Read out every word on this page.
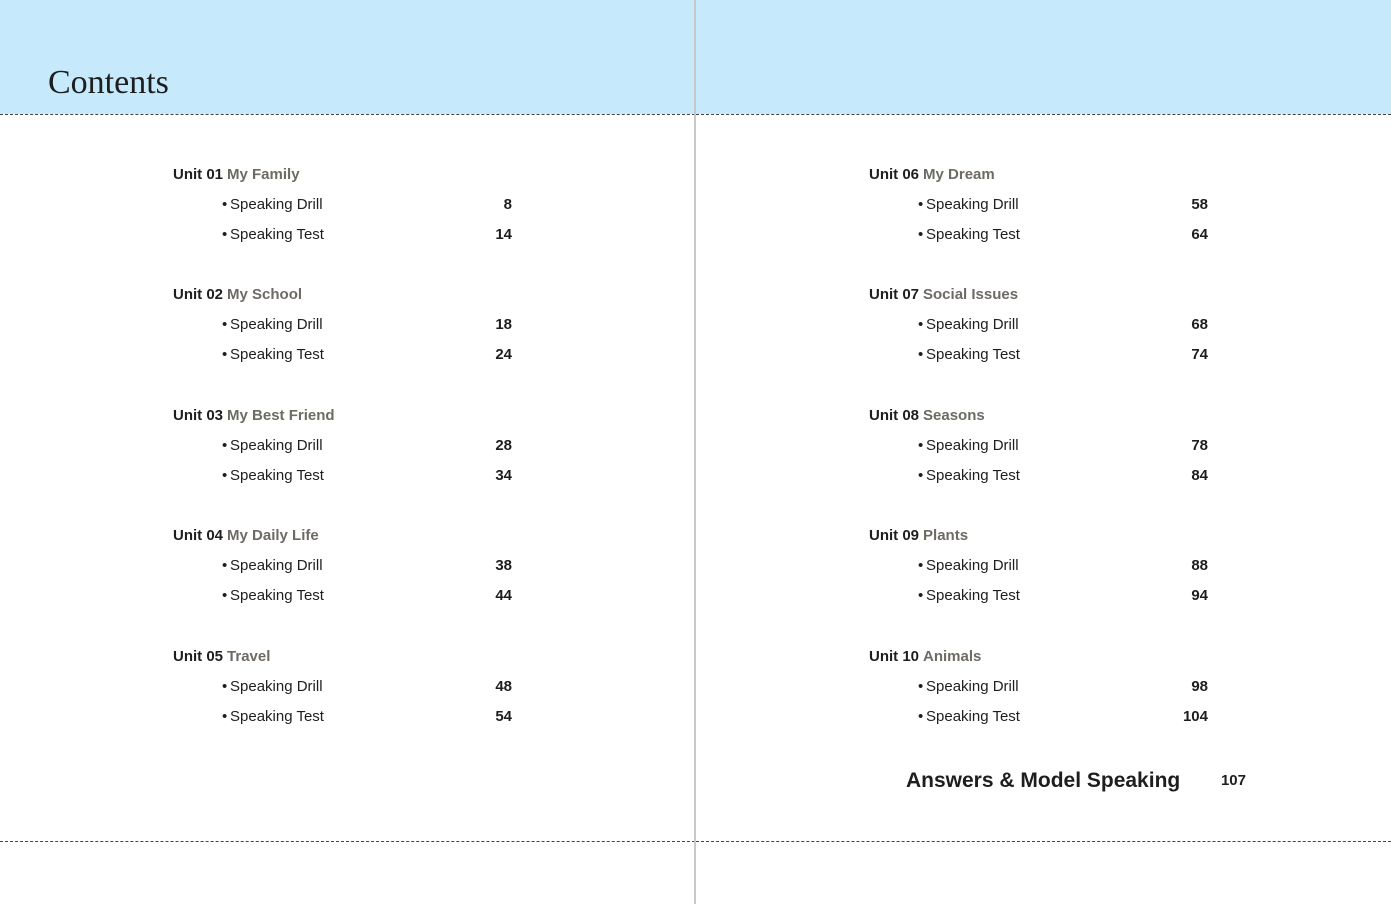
Contents
Unit 01 My Family
• Speaking Drill	8
• Speaking Test	14
Unit 02 My School
• Speaking Drill	18
• Speaking Test	24
Unit 03 My Best Friend
• Speaking Drill	28
• Speaking Test	34
Unit 04 My Daily Life
• Speaking Drill	38
• Speaking Test	44
Unit 05 Travel
• Speaking Drill	48
• Speaking Test	54
Unit 06 My Dream
• Speaking Drill	58
• Speaking Test	64
Unit 07 Social Issues
• Speaking Drill	68
• Speaking Test	74
Unit 08 Seasons
• Speaking Drill	78
• Speaking Test	84
Unit 09 Plants
• Speaking Drill	88
• Speaking Test	94
Unit 10 Animals
• Speaking Drill	98
• Speaking Test	104
Answers & Model Speaking	107
